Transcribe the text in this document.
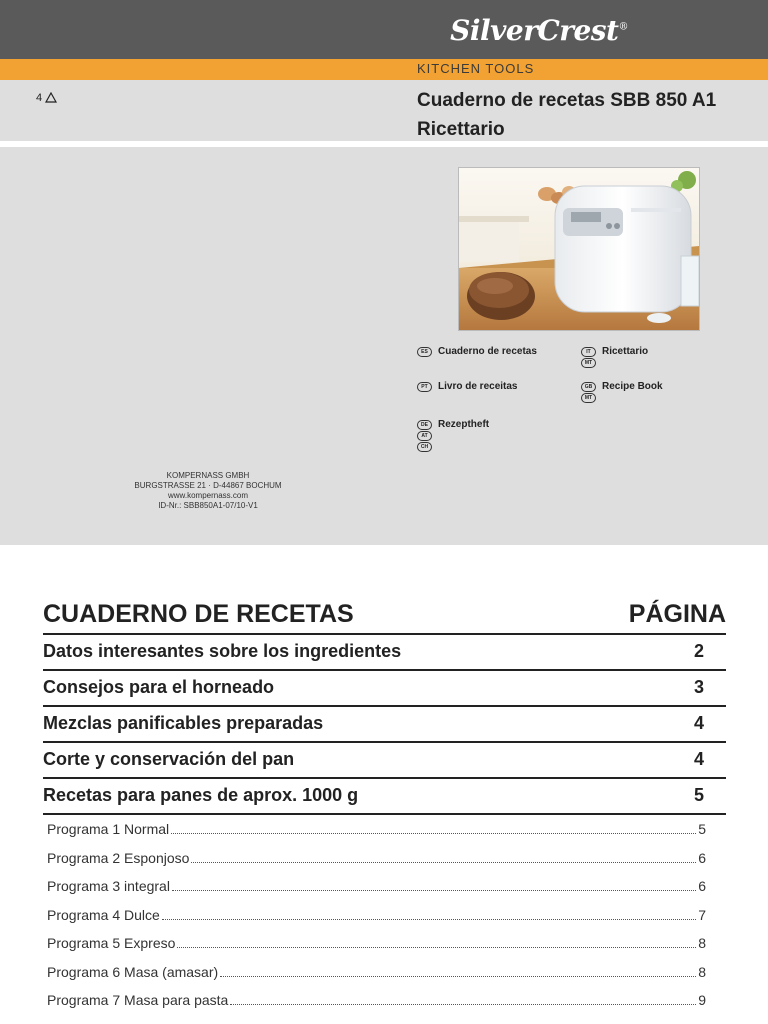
SilverCrest®
KITCHEN TOOLS
4	Cuaderno de recetas SBB 850 A1
Ricettario
ES Cuaderno de recetas	IT Ricettario
MT
PT Livro de receitas	GB Recipe Book
MT
DE Rezeptheft
AT
CH
KOMPERNASS GMBH
BURGSTRASSE 21 · D-44867 BOCHUM
www.kompernass.com
ID-Nr.: SBB850A1-07/10-V1
CUADERNO DE RECETAS	PÁGINA
Datos interesantes sobre los ingredientes	2
Consejos para el horneado	3
Mezclas panificables preparadas	4
Corte y conservación del pan	4
Recetas para panes de aprox. 1000 g	5
Programa 1 Normal	5
Programa 2 Esponjoso	6
Programa 3 integral	6
Programa 4 Dulce	7
Programa 5 Expreso	8
Programa 6 Masa (amasar)	8
Programa 7 Masa para pasta	9
